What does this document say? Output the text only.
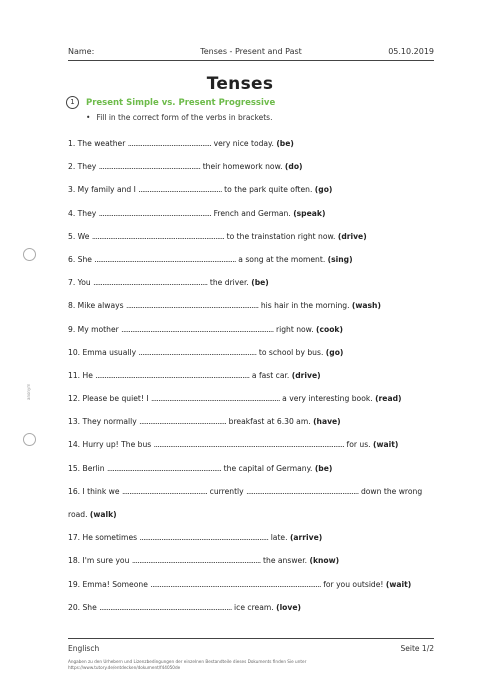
anonym
Name:	Tenses - Present and Past	05.10.2019
Tenses
1	Present Simple vs. Present Progressive
• Fill in the correct form of the verbs in brackets.
1. The weather .............................................. very nice today. (be)
2. They ........................................................ their homework now. (do)
3. My family and I .............................................. to the park quite often. (go)
4. They .............................................................. French and German. (speak)
5. We ......................................................................... to the trainstation right now. (drive)
6. She .............................................................................. a song at the moment. (sing)
7. You ............................................................... the driver. (be)
8. Mike always ......................................................................... his hair in the morning. (wash)
9. My mother .................................................................................... right now. (cook)
10. Emma usually ................................................................. to school by bus. (go)
11. He ..................................................................................... a fast car. (drive)
12. Please be quiet! I ....................................................................... a very interesting book. (read)
13. They normally ................................................ breakfast at 6.30 am. (have)
14. Hurry up! The bus ......................................................................................................... for us. (wait)
15. Berlin ............................................................... the capital of Germany. (be)
16. I think we ............................................... currently .............................................................. down the wrong
road. (walk)
17. He sometimes ....................................................................... late. (arrive)
18. I'm sure you ....................................................................... the answer. (know)
19. Emma! Someone .............................................................................................. for you outside! (wait)
20. She ......................................................................... ice cream. (love)
Englisch	Seite 1/2
Angaben zu den Urhebern und Lizenzbedingungen der einzelnen Bestandteile dieses Dokuments finden Sie unter
https://www.tutory.de/entdecken/dokument/f44050de
